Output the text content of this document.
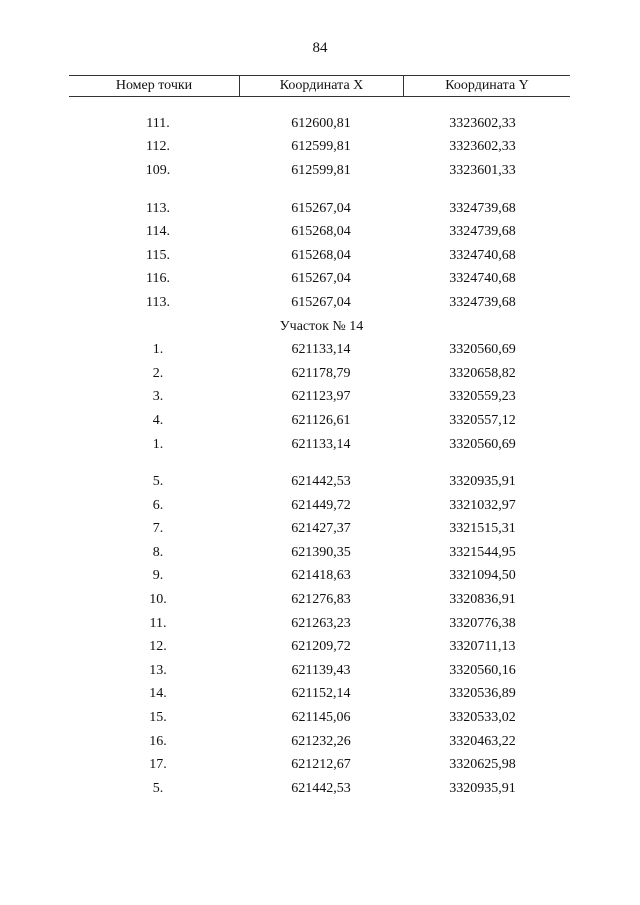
84
Номер точки	Координата X	Координата Y
111.	612600,81	3323602,33
112.	612599,81	3323602,33
109.	612599,81	3323601,33
113.	615267,04	3324739,68
114.	615268,04	3324739,68
115.	615268,04	3324740,68
116.	615267,04	3324740,68
113.	615267,04	3324739,68
Участок № 14
1.	621133,14	3320560,69
2.	621178,79	3320658,82
3.	621123,97	3320559,23
4.	621126,61	3320557,12
1.	621133,14	3320560,69
5.	621442,53	3320935,91
6.	621449,72	3321032,97
7.	621427,37	3321515,31
8.	621390,35	3321544,95
9.	621418,63	3321094,50
10.	621276,83	3320836,91
11.	621263,23	3320776,38
12.	621209,72	3320711,13
13.	621139,43	3320560,16
14.	621152,14	3320536,89
15.	621145,06	3320533,02
16.	621232,26	3320463,22
17.	621212,67	3320625,98
5.	621442,53	3320935,91
